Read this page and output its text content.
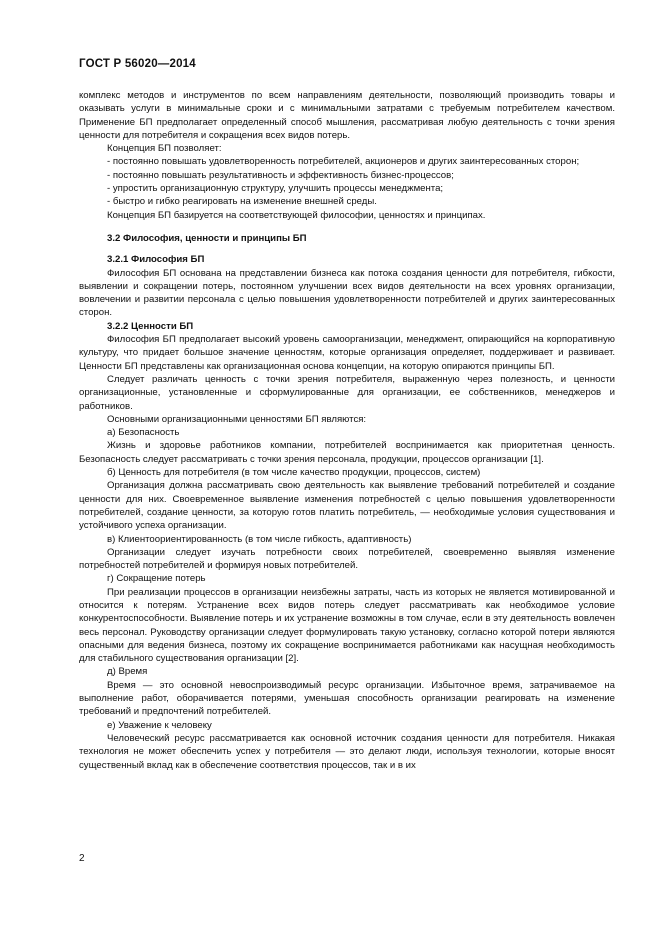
ГОСТ Р 56020—2014

комплекс методов и инструментов по всем направлениям деятельности, позволяющий производить товары и оказывать услуги в минимальные сроки и с минимальными затратами с требуемым потребителем качеством. Применение БП предполагает определенный способ мышления, рассматривая любую деятельность с точки зрения ценности для потребителя и сокращения всех видов потерь.

Концепция БП позволяет:

- постоянно повышать удовлетворенность потребителей, акционеров и других заинтересованных сторон;

- постоянно повышать результативность и эффективность бизнес-процессов;

- упростить организационную структуру, улучшить процессы менеджмента;

- быстро и гибко реагировать на изменение внешней среды.

Концепция БП базируется на соответствующей философии, ценностях и принципах.

3.2 Философия, ценности и принципы БП

3.2.1 Философия БП

Философия БП основана на представлении бизнеса как потока создания ценности для потребителя, гибкости, выявлении и сокращении потерь, постоянном улучшении всех видов деятельности на всех уровнях организации, вовлечении и развитии персонала с целью повышения удовлетворенности потребителей и других заинтересованных сторон.

3.2.2 Ценности БП

Философия БП предполагает высокий уровень самоорганизации, менеджмент, опирающийся на корпоративную культуру, что придает большое значение ценностям, которые организация определяет, поддерживает и развивает. Ценности БП представлены как организационная основа концепции, на которую опираются принципы БП.

Следует различать ценность с точки зрения потребителя, выраженную через полезность, и ценности организационные, установленные и сформулированные для организации, ее собственников, менеджеров и работников.

Основными организационными ценностями БП являются:

а) Безопасность

Жизнь и здоровье работников компании, потребителей воспринимается как приоритетная ценность. Безопасность следует рассматривать с точки зрения персонала, продукции, процессов организации [1].

б) Ценность для потребителя (в том числе качество продукции, процессов, систем)

Организация должна рассматривать свою деятельность как выявление требований потребителей и создание ценности для них. Своевременное выявление изменения потребностей с целью повышения удовлетворенности потребителей, создание ценности, за которую готов платить потребитель, — необходимые условия существования и устойчивого успеха организации.

в) Клиентоориентированность (в том числе гибкость, адаптивность)

Организации следует изучать потребности своих потребителей, своевременно выявляя изменение потребностей потребителей и формируя новых потребителей.

г) Сокращение потерь

При реализации процессов в организации неизбежны затраты, часть из которых не является мотивированной и относится к потерям. Устранение всех видов потерь следует рассматривать как необходимое условие конкурентоспособности. Выявление потерь и их устранение возможны в том случае, если в эту деятельность вовлечен весь персонал. Руководству организации следует формулировать такую установку, согласно которой потери являются опасными для ведения бизнеса, поэтому их сокращение воспринимается работниками как насущная необходимость для стабильного существования организации [2].

д) Время

Время — это основной невоспроизводимый ресурс организации. Избыточное время, затрачиваемое на выполнение работ, оборачивается потерями, уменьшая способность организации реагировать на изменение требований и предпочтений потребителей.

е) Уважение к человеку

Человеческий ресурс рассматривается как основной источник создания ценности для потребителя. Никакая технология не может обеспечить успех у потребителя — это делают люди, используя технологии, которые вносят существенный вклад как в обеспечение соответствия процессов, так и в их

2
